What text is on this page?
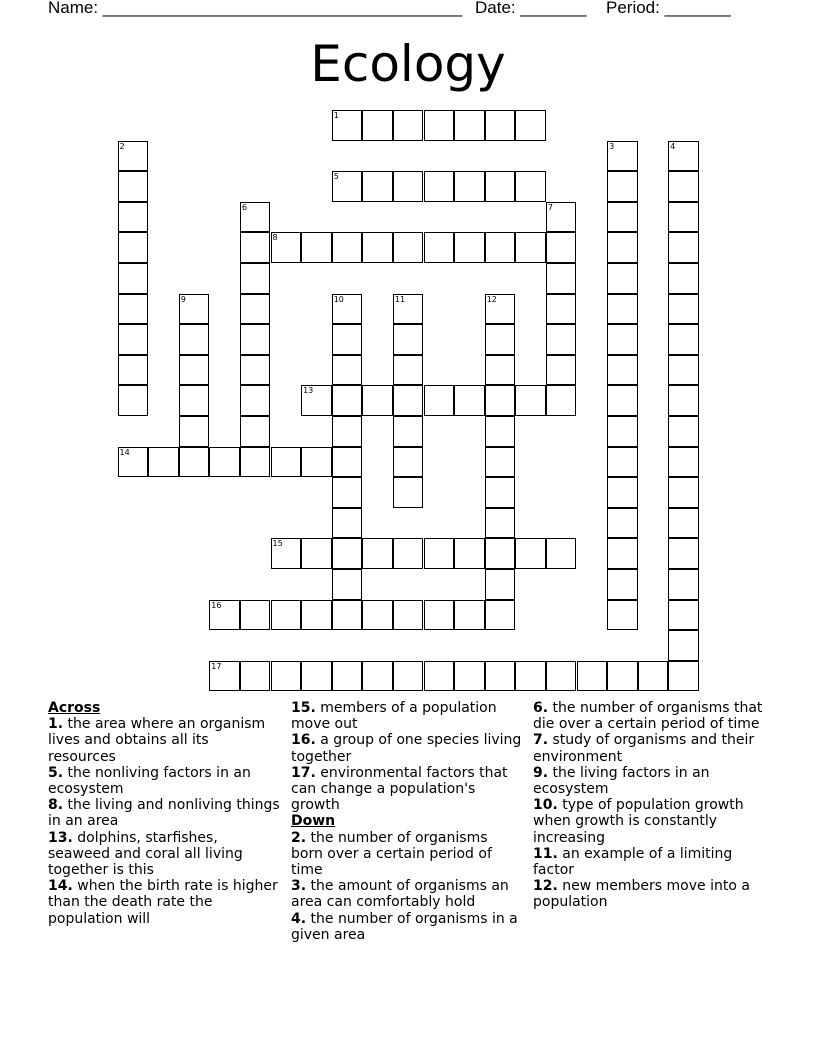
Name: ______________________________________ Date: _______ Period: _______
Ecology
1
5
8
13
14
15
16
17
2	3	4
6	7
9	10	11	12
Across
1. the area where an organism lives and obtains all its resources
5. the nonliving factors in an ecosystem
8. the living and nonliving things in an area
13. dolphins, starfishes, seaweed and coral all living together is this
14. when the birth rate is higher than the death rate the population will
15. members of a population move out
16. a group of one species living together
17. environmental factors that can change a population's growth
Down
2. the number of organisms born over a certain period of time
3. the amount of organisms an area can comfortably hold
4. the number of organisms in a given area
6. the number of organisms that die over a certain period of time
7. study of organisms and their environment
9. the living factors in an ecosystem
10. type of population growth when growth is constantly increasing
11. an example of a limiting factor
12. new members move into a population
